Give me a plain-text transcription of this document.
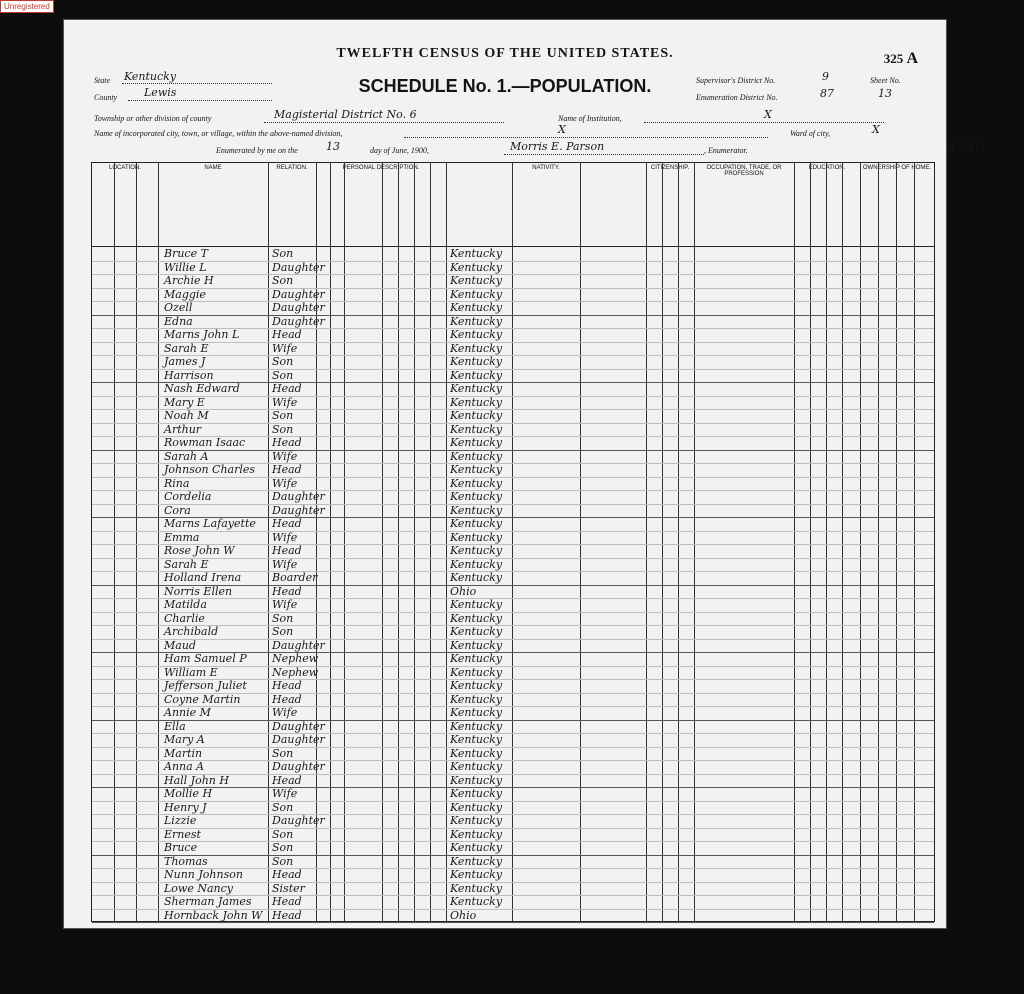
Unregistered
TWELFTH CENSUS OF THE UNITED STATES.
SCHEDULE No. 1.—POPULATION.
325 A
State Kentucky
County Lewis
Supervisor's District No.	9
Enumeration District No.	87
Sheet No.
13
Township or other division of county	Magisterial District No. 6	Name of Institution,	X
Name of incorporated city, town, or village, within the above-named division,	X	Ward of city,	X
Enumerated by me on the	13	day of June, 1900,	Morris E. Parson	, Enumerator.	1740
LOCATION.	NAME	RELATION.	PERSONAL DESCRIPTION.	NATIVITY.	CITIZENSHIP.	OCCUPATION, TRADE, OR PROFESSION
EDUCATION.	OWNERSHIP OF HOME.
Bruce T	Son	Kentucky
Willie L	Daughter	Kentucky
Archie H	Son	Kentucky
Maggie	Daughter	Kentucky
Ozell	Daughter	Kentucky
Edna	Daughter	Kentucky
Marns John L	Head	Kentucky
Sarah E	Wife	Kentucky
James J	Son	Kentucky
Harrison	Son	Kentucky
Nash Edward	Head	Kentucky
Mary E	Wife	Kentucky
Noah M	Son	Kentucky
Arthur	Son	Kentucky
Rowman Isaac	Head	Kentucky
Sarah A	Wife	Kentucky
Johnson Charles	Head	Kentucky
Rina	Wife	Kentucky
Cordelia	Daughter	Kentucky
Cora	Daughter	Kentucky
Marns Lafayette	Head	Kentucky
Emma	Wife	Kentucky
Rose John W	Head	Kentucky
Sarah E	Wife	Kentucky
Holland Irena	Boarder	Kentucky
Norris Ellen	Head	Ohio
Matilda	Wife	Kentucky
Charlie	Son	Kentucky
Archibald	Son	Kentucky
Maud	Daughter	Kentucky
Ham Samuel P	Nephew	Kentucky
William E	Nephew	Kentucky
Jefferson Juliet	Head	Kentucky
Coyne Martin	Head	Kentucky
Annie M	Wife	Kentucky
Ella	Daughter	Kentucky
Mary A	Daughter	Kentucky
Martin	Son	Kentucky
Anna A	Daughter	Kentucky
Hall John H	Head	Kentucky
Mollie H	Wife	Kentucky
Henry J	Son	Kentucky
Lizzie	Daughter	Kentucky
Ernest	Son	Kentucky
Bruce	Son	Kentucky
Thomas	Son	Kentucky
Nunn Johnson	Head	Kentucky
Lowe Nancy	Sister	Kentucky
Sherman James	Head	Kentucky
Hornback John W Head	Ohio
